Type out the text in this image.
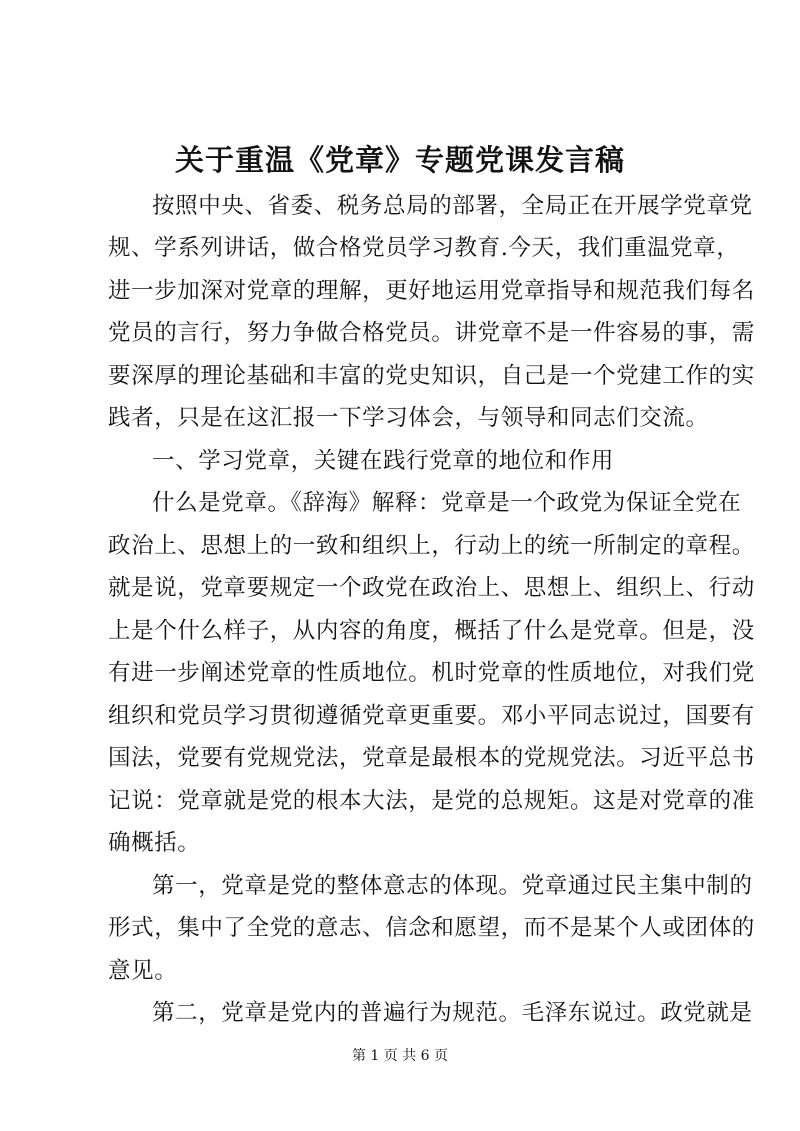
关于重温《党章》专题党课发言稿
按照中央、省委、税务总局的部署，全局正在开展学党章党
规、学系列讲话，做合格党员学习教育.今天，我们重温党章，
进一步加深对党章的理解，更好地运用党章指导和规范我们每名
党员的言行，努力争做合格党员。讲党章不是一件容易的事，需
要深厚的理论基础和丰富的党史知识，自己是一个党建工作的实
践者，只是在这汇报一下学习体会，与领导和同志们交流。
一、学习党章，关键在践行党章的地位和作用
什么是党章。《辞海》解释：党章是一个政党为保证全党在
政治上、思想上的一致和组织上，行动上的统一所制定的章程。
就是说，党章要规定一个政党在政治上、思想上、组织上、行动
上是个什么样子，从内容的角度，概括了什么是党章。但是，没
有进一步阐述党章的性质地位。机时党章的性质地位，对我们党
组织和党员学习贯彻遵循党章更重要。邓小平同志说过，国要有
国法，党要有党规党法，党章是最根本的党规党法。习近平总书
记说：党章就是党的根本大法，是党的总规矩。这是对党章的准
确概括。
第一，党章是党的整体意志的体现。党章通过民主集中制的
形式，集中了全党的意志、信念和愿望，而不是某个人或团体的
意见。
第二，党章是党内的普遍行为规范。毛泽东说过。政党就是
第 1 页 共 6 页
